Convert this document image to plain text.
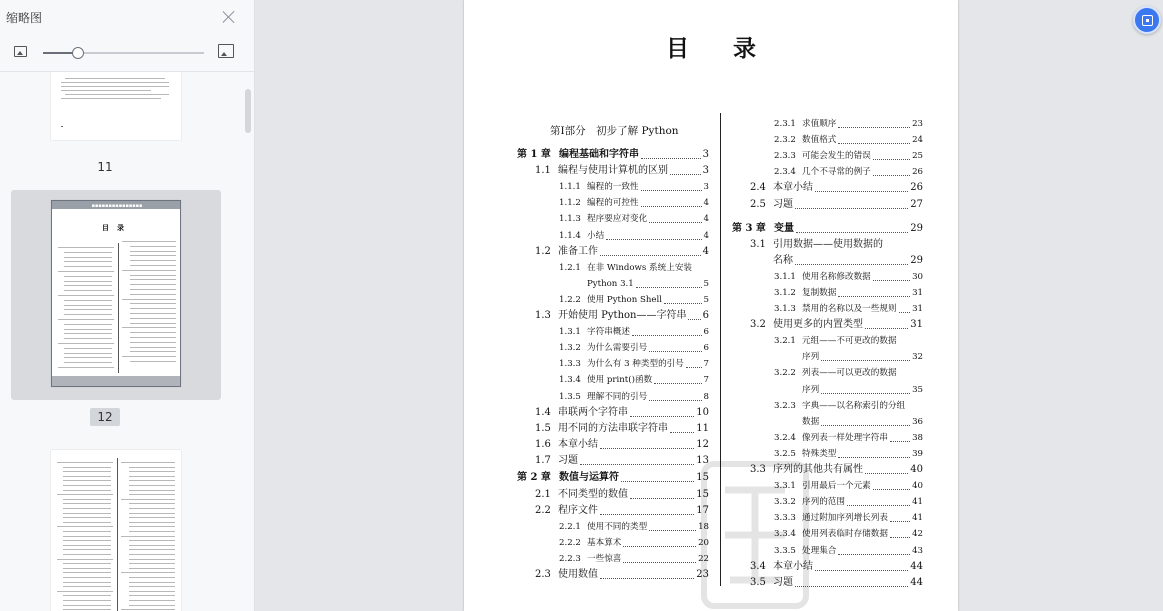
缩略图
11
▪▪▪▪▪▪▪▪▪▪▪▪▪▪▪
目录
12
目录
第Ⅰ部分　初步了解 Python
第 1 章 编程基础和字符串	3
1.1 编程与使用计算机的区别	3
1.1.1 编程的一致性	3
1.1.2 编程的可控性	4
1.1.3 程序要应对变化	4
1.1.4 小结	4
1.2 准备工作	4
1.2.1 在非 Windows 系统上安装
Python 3.1	5
1.2.2 使用 Python Shell	5
1.3 开始使用 Python——字符串 6
1.3.1 字符串概述	6
1.3.2 为什么需要引号	6
1.3.3 为什么有 3 种类型的引号 7
1.3.4 使用 print()函数	7
1.3.5 理解不同的引号	8
1.4 串联两个字符串	10
1.5 用不同的方法串联字符串	11
1.6 本章小结	12
1.7 习题	13
第 2 章 数值与运算符	15
2.1 不同类型的数值	15
2.2 程序文件	17
2.2.1 使用不同的类型	18
2.2.2 基本算术	20
2.2.3 一些惊喜	22
2.3 使用数值	23
2.3.1 求值顺序	23
2.3.2 数值格式	24
2.3.3 可能会发生的错误	25
2.3.4 几个不寻常的例子	26
2.4 本章小结	26
2.5 习题	27
第 3 章 变量	29
3.1 引用数据——使用数据的
名称	29
3.1.1 使用名称修改数据	30
3.1.2 复制数据	31
3.1.3 禁用的名称以及一些规则 31
3.2 使用更多的内置类型	31
3.2.1 元组——不可更改的数据
序列	32
3.2.2 列表——可以更改的数据
序列	35
3.2.3 字典——以名称索引的分组
数据	36
3.2.4 像列表一样处理字符串	38
3.2.5 特殊类型	39
3.3 序列的其他共有属性	40
3.3.1 引用最后一个元素	40
3.3.2 序列的范围	41
3.3.3 通过附加序列增长列表	41
3.3.4 使用列表临时存储数据	42
3.3.5 处理集合	43
3.4 本章小结	44
3.5 习题	44
